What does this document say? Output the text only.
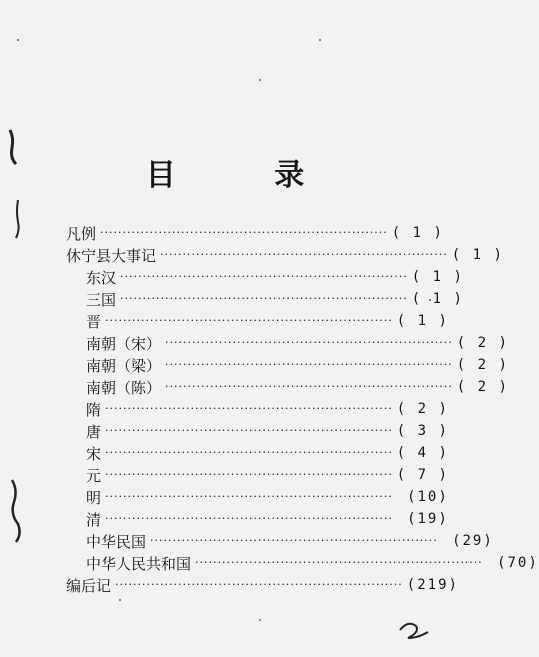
目 录
凡例 ································································ ( 1 )
休宁县大事记 ································································ ( 1 )
东汉 ································································ ( 1 )
三国 ································································ ( 1 )
晋 ································································ ( 1 )
南朝（宋） ································································ ( 2 )
南朝（梁） ································································ ( 2 )
南朝（陈） ································································ ( 2 )
隋 ································································ ( 2 )
唐 ································································ ( 3 )
宋 ································································ ( 4 )
元 ································································ ( 7 )
明 ································································	(10)
清 ································································	(19)
中华民国 ································································	(29)
中华人民共和国 ································································	(70)
编后记 ································································ (219)
